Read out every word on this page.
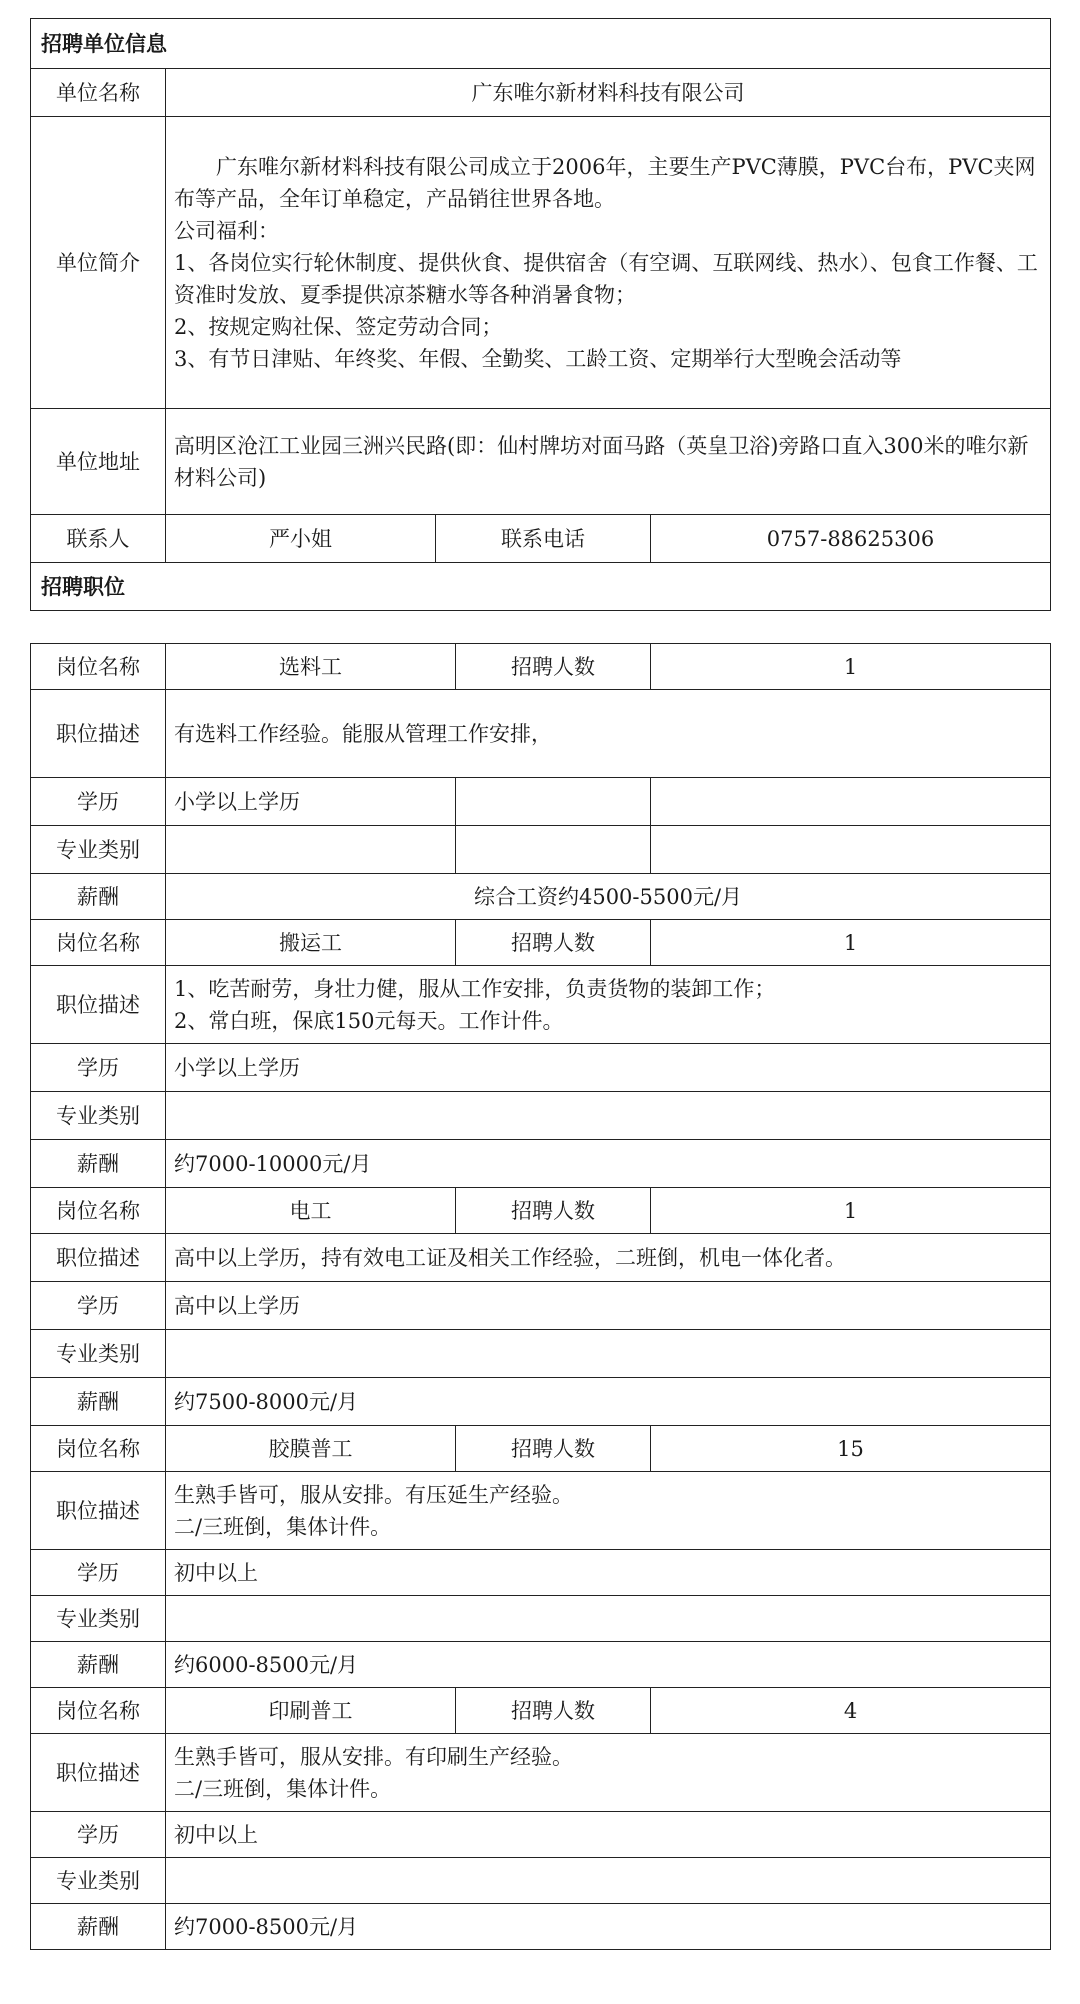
招聘单位信息			
单位名称	广东唯尔新材料科技有限公司		
单位简介	广东唯尔新材料科技有限公司成立于2006年，主要生产PVC薄膜，PVC台布，PVC夹网布等产品，全年订单稳定，产品销往世界各地。
公司福利：
1、各岗位实行轮休制度、提供伙食、提供宿舍（有空调、互联网线、热水）、包食工作餐、工资准时发放、夏季提供凉茶糖水等各种消暑食物；
2、按规定购社保、签定劳动合同；
3、有节日津贴、年终奖、年假、全勤奖、工龄工资、定期举行大型晚会活动等		

单位地址	高明区沧江工业园三洲兴民路(即：仙村牌坊对面马路（英皇卫浴)旁路口直入300米的唯尔新材料公司)		
联系人	严小姐	联系电话	0757-88625306
招聘职位			
岗位名称	选料工	招聘人数	1
职位描述	有选料工作经验。能服从管理工作安排，		
学历	小学以上学历		
专业类别			
薪酬	综合工资约4500-5500元/月		
岗位名称	搬运工	招聘人数	1
职位描述	1、吃苦耐劳，身壮力健，服从工作安排，负责货物的装卸工作；
2、常白班，保底150元每天。工作计件。		
学历	小学以上学历		
专业类别			
薪酬	约7000-10000元/月		
岗位名称	电工	招聘人数	1
职位描述	高中以上学历，持有效电工证及相关工作经验，二班倒，机电一体化者。		
学历	高中以上学历		
专业类别			
薪酬	约7500-8000元/月		
岗位名称	胶膜普工	招聘人数	15
职位描述	生熟手皆可，服从安排。有压延生产经验。
二/三班倒，集体计件。		
学历	初中以上		
专业类别			
薪酬	约6000-8500元/月		
岗位名称	印刷普工	招聘人数	4
职位描述	生熟手皆可，服从安排。有印刷生产经验。
二/三班倒，集体计件。		
学历	初中以上		
专业类别			
薪酬	约7000-8500元/月		
